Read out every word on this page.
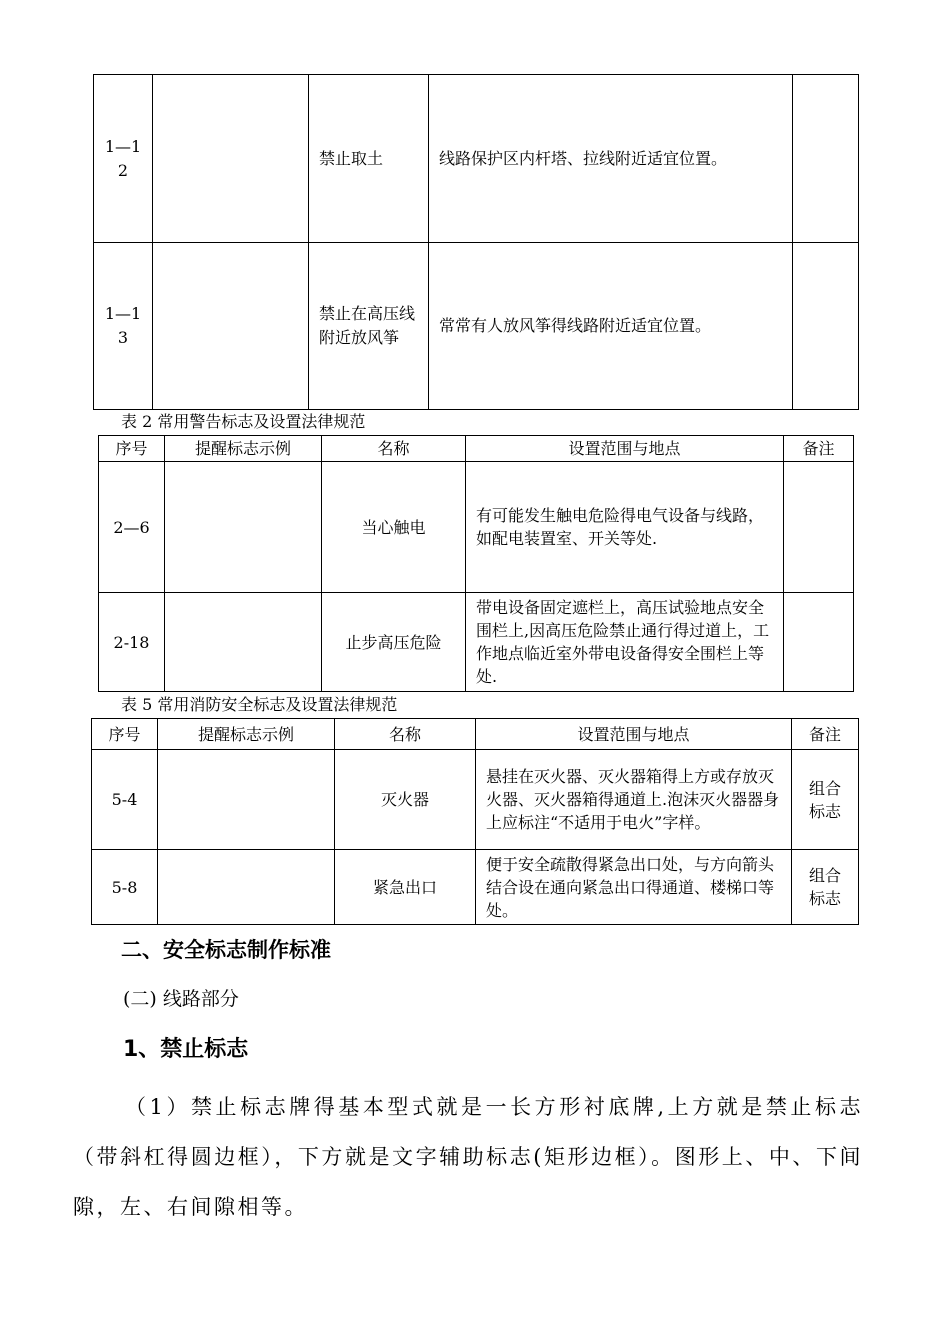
1—12		禁止取土	线路保护区内杆塔、拉线附近适宜位置。	

1—13		禁止在高压线附近放风筝	常常有人放风筝得线路附近适宜位置。	
表 2 常用警告标志及设置法律规范
序号	提醒标志示例	名称	设置范围与地点	备注
2—6		当心触电	有可能发生触电危险得电气设备与线路，如配电装置室、开关等处.	
2-18		止步高压危险	带电设备固定遮栏上，高压试验地点安全围栏上,因高压危险禁止通行得过道上，工作地点临近室外带电设备得安全围栏上等处.	
表 5 常用消防安全标志及设置法律规范
序号	提醒标志示例	名称	设置范围与地点	备注
5-4		灭火器	悬挂在灭火器、灭火器箱得上方或存放灭火器、灭火器箱得通道上.泡沫灭火器器身上应标注“不适用于电火”字样。	组合标志

5-8		紧急出口	便于安全疏散得紧急出口处，与方向箭头结合设在通向紧急出口得通道、楼梯口等处。	组合标志
二、安全标志制作标准
(二) 线路部分
1、禁止标志
（1）禁止标志牌得基本型式就是一长方形衬底牌,上方就是禁止标志（带斜杠得圆边框），下方就是文字辅助标志(矩形边框）。图形上、中、下间隙，左、右间隙相等。
